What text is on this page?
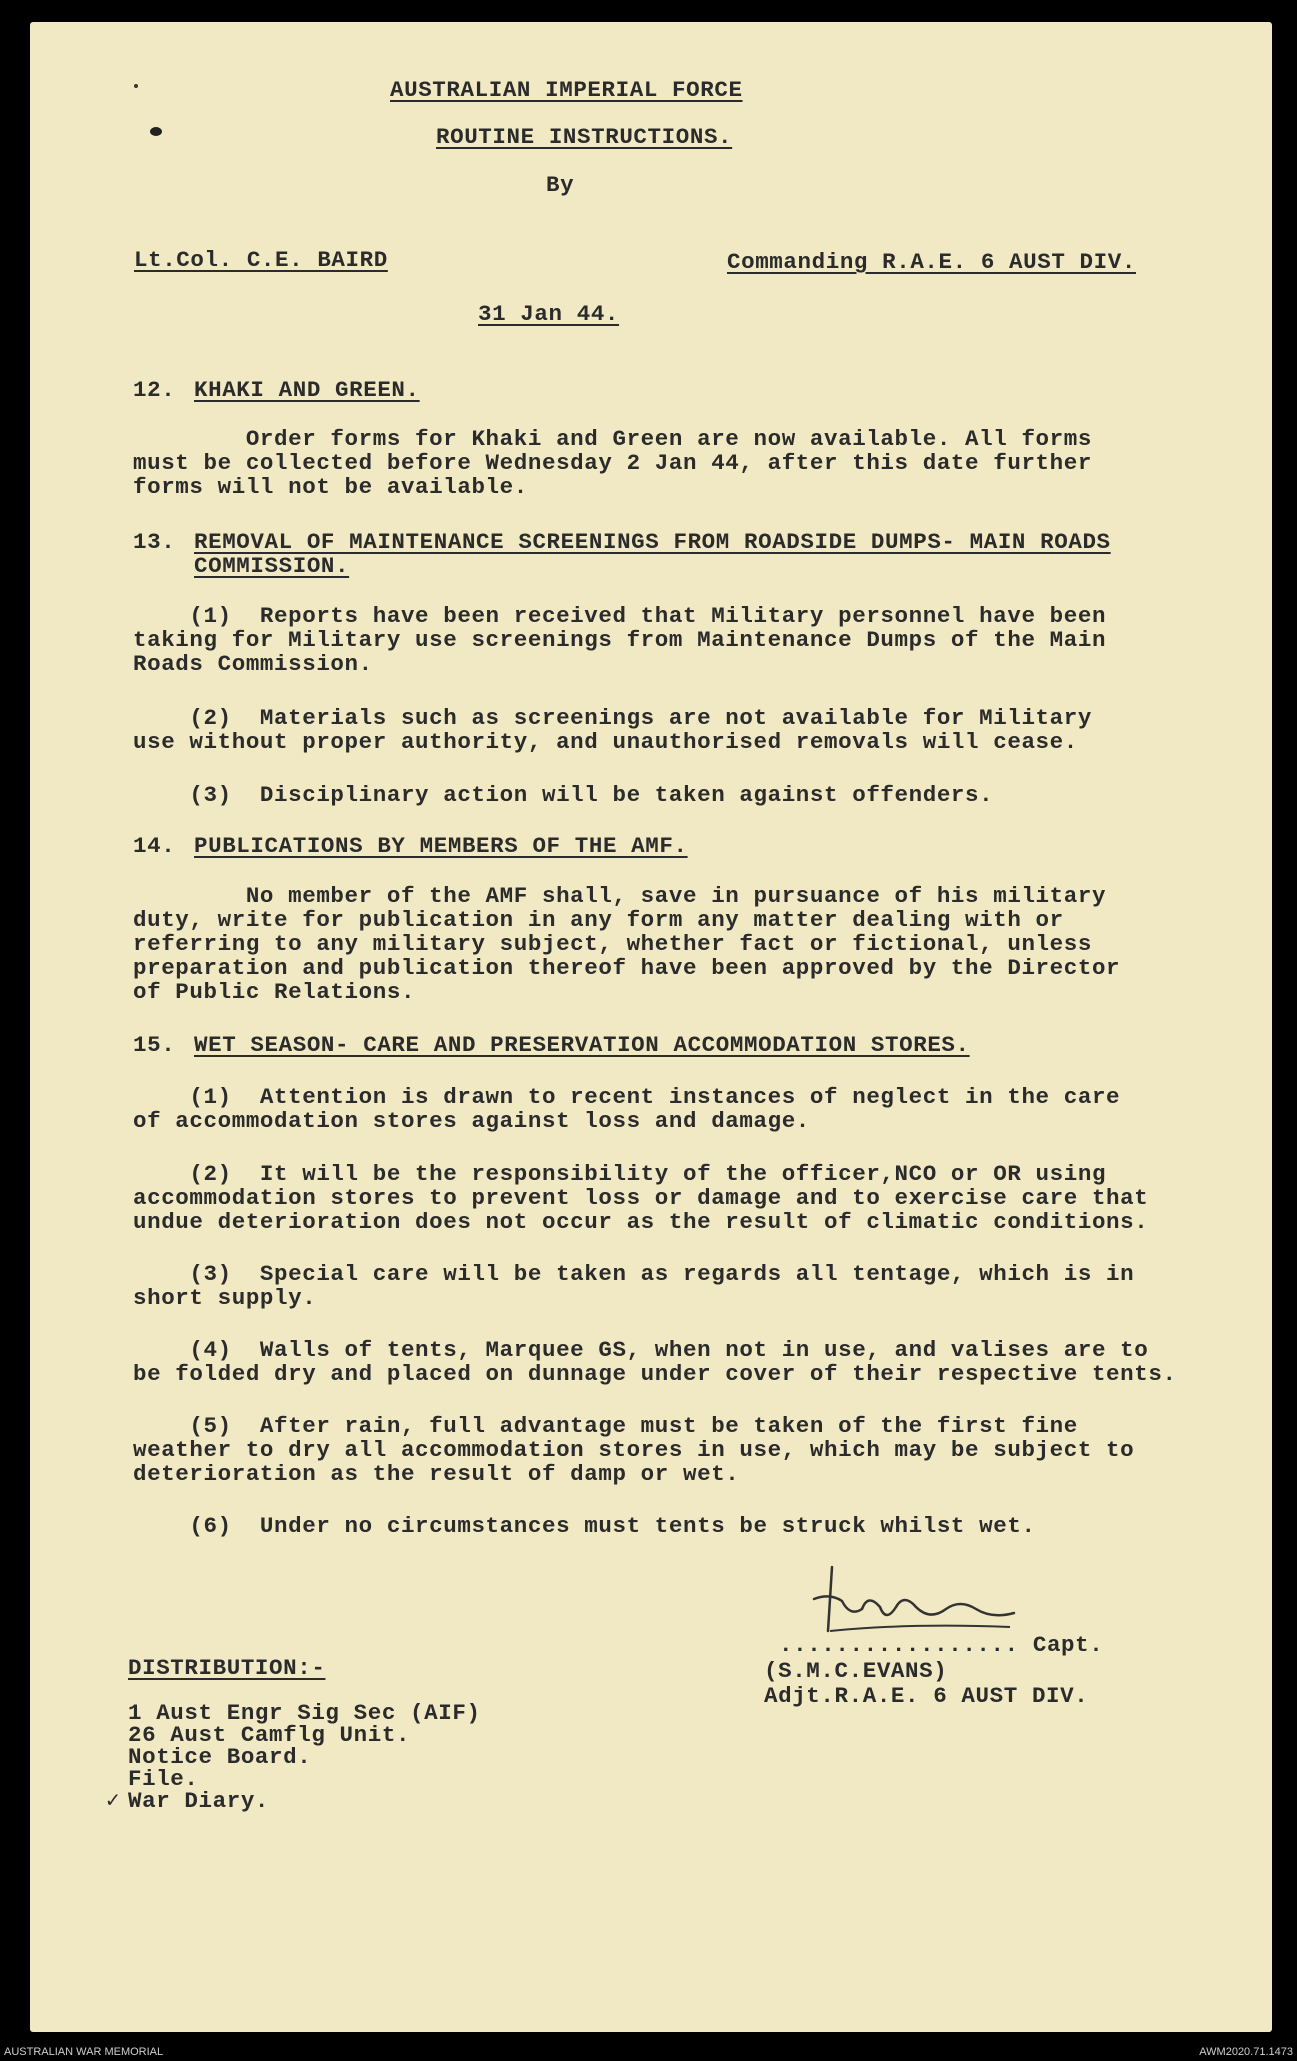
AUSTRALIAN IMPERIAL FORCE
ROUTINE INSTRUCTIONS.
By
Lt.Col. C.E. BAIRD	Commanding R.A.E. 6 AUST DIV.
31 Jan 44.
12. KHAKI AND GREEN.
Order forms for Khaki and Green are now available. All forms
must be collected before Wednesday 2 Jan 44, after this date further
forms will not be available.
13. REMOVAL OF MAINTENANCE SCREENINGS FROM ROADSIDE DUMPS- MAIN ROADS
COMMISSION.
(1)  Reports have been received that Military personnel have been
taking for Military use screenings from Maintenance Dumps of the Main
Roads Commission.
(2)  Materials such as screenings are not available for Military
use without proper authority, and unauthorised removals will cease.
(3)  Disciplinary action will be taken against offenders.
14. PUBLICATIONS BY MEMBERS OF THE AMF.
No member of the AMF shall, save in pursuance of his military
duty, write for publication in any form any matter dealing with or
referring to any military subject, whether fact or fictional, unless
preparation and publication thereof have been approved by the Director
of Public Relations.
15. WET SEASON- CARE AND PRESERVATION ACCOMMODATION STORES.
(1)  Attention is drawn to recent instances of neglect in the care
of accommodation stores against loss and damage.
(2)  It will be the responsibility of the officer,NCO or OR using
accommodation stores to prevent loss or damage and to exercise care that
undue deterioration does not occur as the result of climatic conditions.
(3)  Special care will be taken as regards all tentage, which is in
short supply.
(4)  Walls of tents, Marquee GS, when not in use, and valises are to
be folded dry and placed on dunnage under cover of their respective tents.
(5)  After rain, full advantage must be taken of the first fine
weather to dry all accommodation stores in use, which may be subject to
deterioration as the result of damp or wet.
(6)  Under no circumstances must tents be struck whilst wet.
................. Capt.
(S.M.C.EVANS)
Adjt.R.A.E. 6 AUST DIV.
DISTRIBUTION:-
1 Aust Engr Sig Sec (AIF)
26 Aust Camflg Unit.
Notice Board.
File.
War Diary.
✓
AUSTRALIAN WAR MEMORIAL	AWM2020.71.1473
